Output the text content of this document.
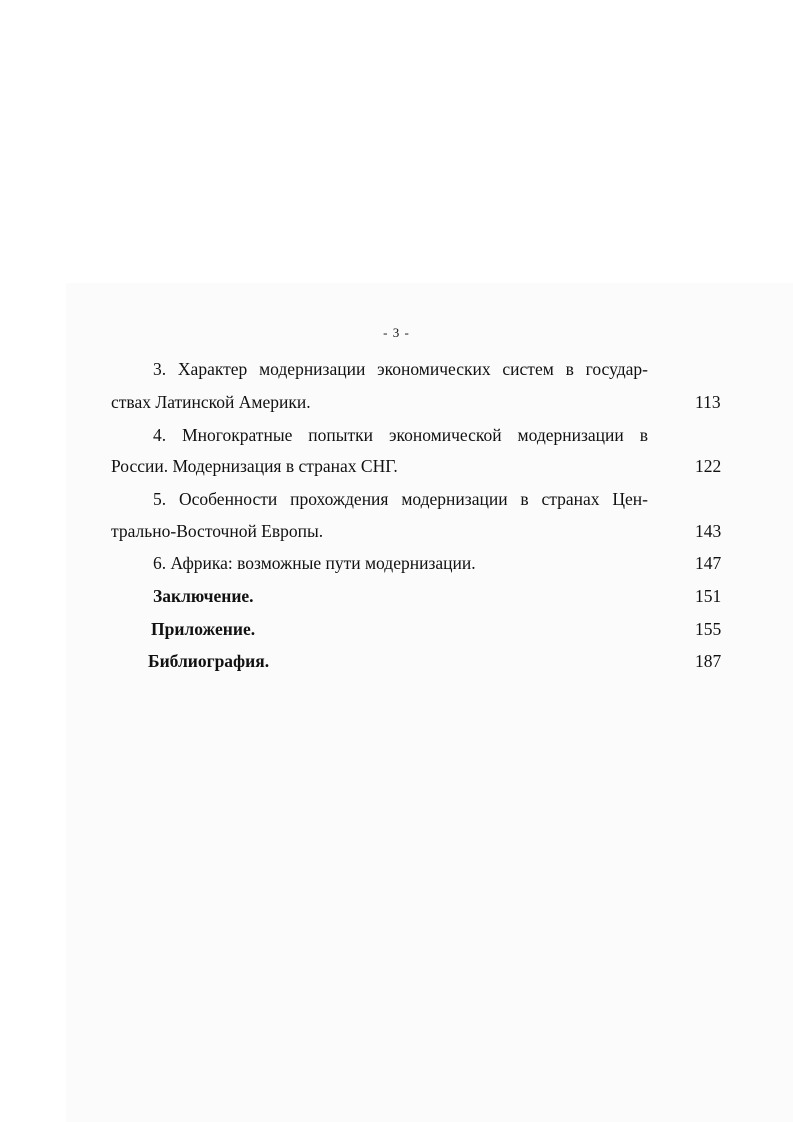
- 3 -
3. Характер модернизации экономических систем в государ-
ствах Латинской Америки.	113
4. Многократные попытки экономической модернизации в
России. Модернизация в странах СНГ.	122
5. Особенности прохождения модернизации в странах Цен-
трально-Восточной Европы.	143
6. Африка: возможные пути модернизации.	147
Заключение.	151
Приложение.	155
Библиография.	187
